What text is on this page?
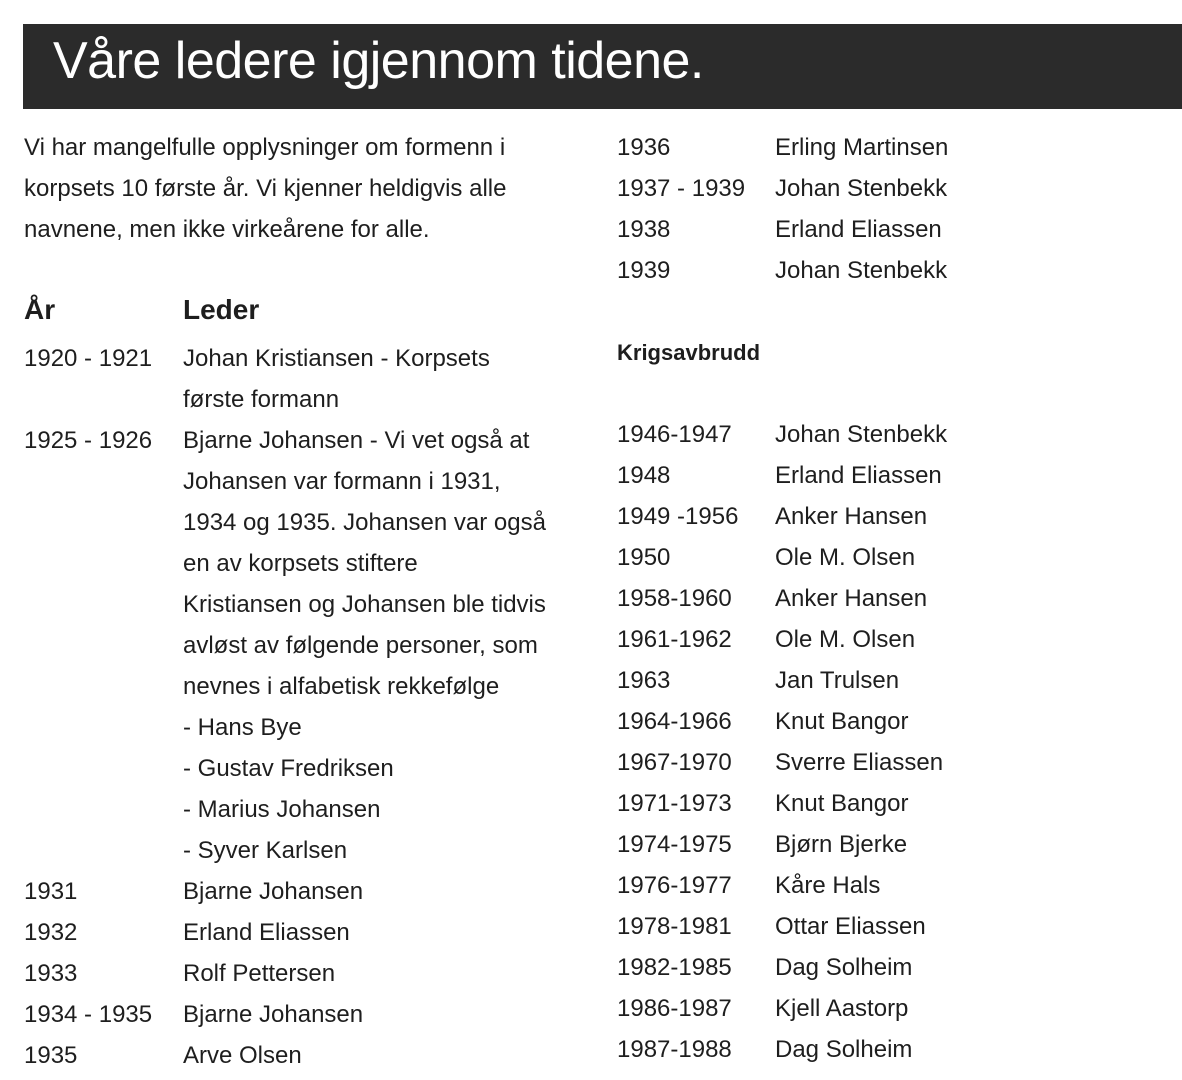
Våre ledere igjennom tidene.

Vi har mangelfulle opplysninger om formenn i
korpsets 10 første år. Vi kjenner heldigvis alle
navnene, men ikke virkeårene for alle.

År	Leder
1920 - 1921	Johan Kristiansen - Korpsets
første formann
1925 - 1926	Bjarne Johansen - Vi vet også at
Johansen var formann i 1931,
1934 og 1935. Johansen var også
en av korpsets stiftere
Kristiansen og Johansen ble tidvis
avløst av følgende personer, som
nevnes i alfabetisk rekkefølge
- Hans Bye
- Gustav Fredriksen
- Marius Johansen
- Syver Karlsen
1931	Bjarne Johansen
1932	Erland Eliassen
1933	Rolf Pettersen
1934 - 1935	Bjarne Johansen
1935	Arve Olsen
1936	Erling Martinsen
1937 - 1939	Johan Stenbekk
1938	Erland Eliassen
1939	Johan Stenbekk
Krigsavbrudd
1946-1947	Johan Stenbekk
1948	Erland Eliassen
1949 -1956	Anker Hansen
1950	Ole M. Olsen
1958-1960	Anker Hansen
1961-1962	Ole M. Olsen
1963	Jan Trulsen
1964-1966	Knut Bangor
1967-1970	Sverre Eliassen
1971-1973	Knut Bangor
1974-1975	Bjørn Bjerke
1976-1977	Kåre Hals
1978-1981	Ottar Eliassen
1982-1985	Dag Solheim
1986-1987	Kjell Aastorp
1987-1988	Dag Solheim
